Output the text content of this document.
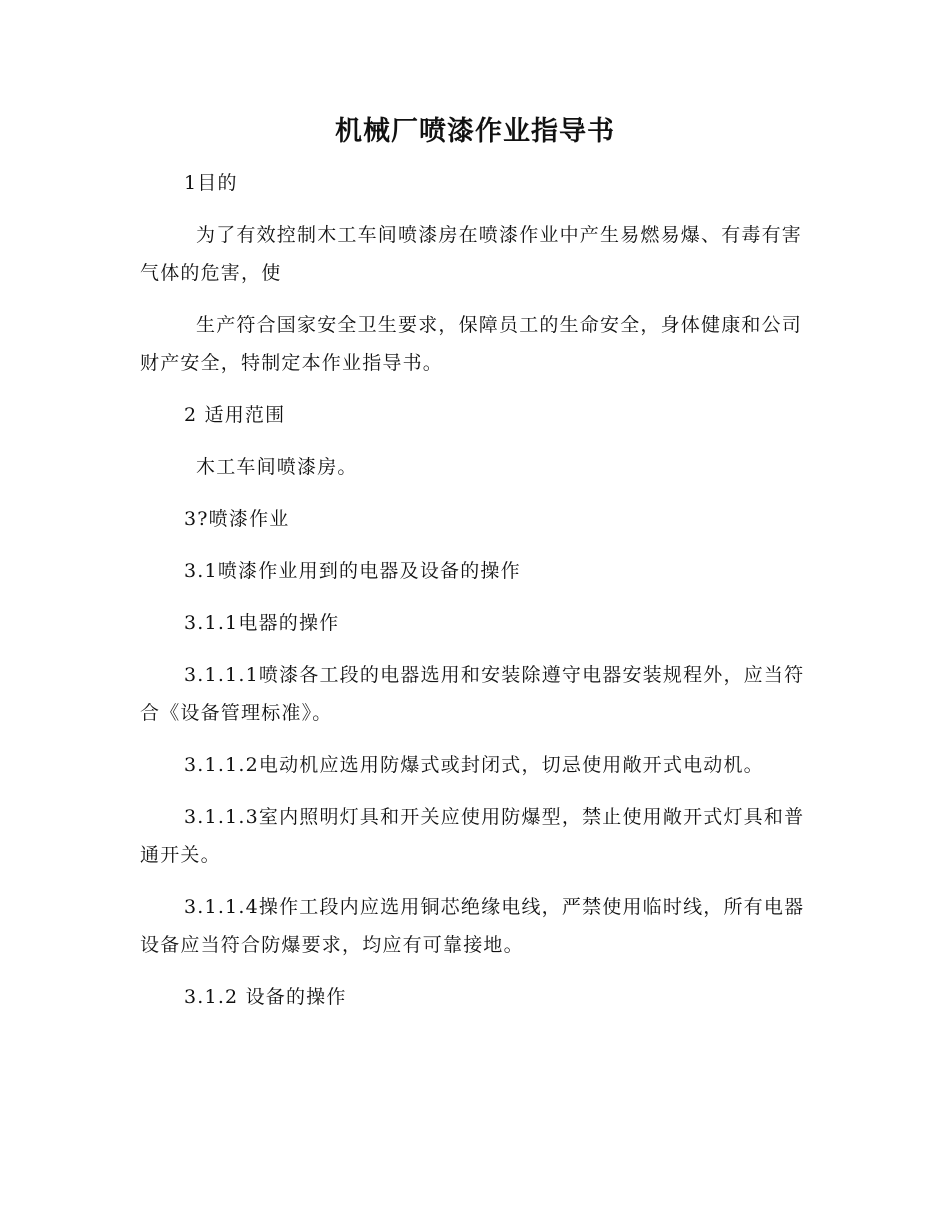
机械厂喷漆作业指导书

1目的

为了有效控制木工车间喷漆房在喷漆作业中产生易燃易爆、有毒有害气体的危害，使

生产符合国家安全卫生要求，保障员工的生命安全，身体健康和公司财产安全，特制定本作业指导书。

2 适用范围

木工车间喷漆房。

3?喷漆作业

3.1喷漆作业用到的电器及设备的操作

3.1.1电器的操作

3.1.1.1喷漆各工段的电器选用和安装除遵守电器安装规程外，应当符合《设备管理标准》。

3.1.1.2电动机应选用防爆式或封闭式，切忌使用敞开式电动机。

3.1.1.3室内照明灯具和开关应使用防爆型，禁止使用敞开式灯具和普通开关。

3.1.1.4操作工段内应选用铜芯绝缘电线，严禁使用临时线，所有电器设备应当符合防爆要求，均应有可靠接地。

3.1.2 设备的操作
